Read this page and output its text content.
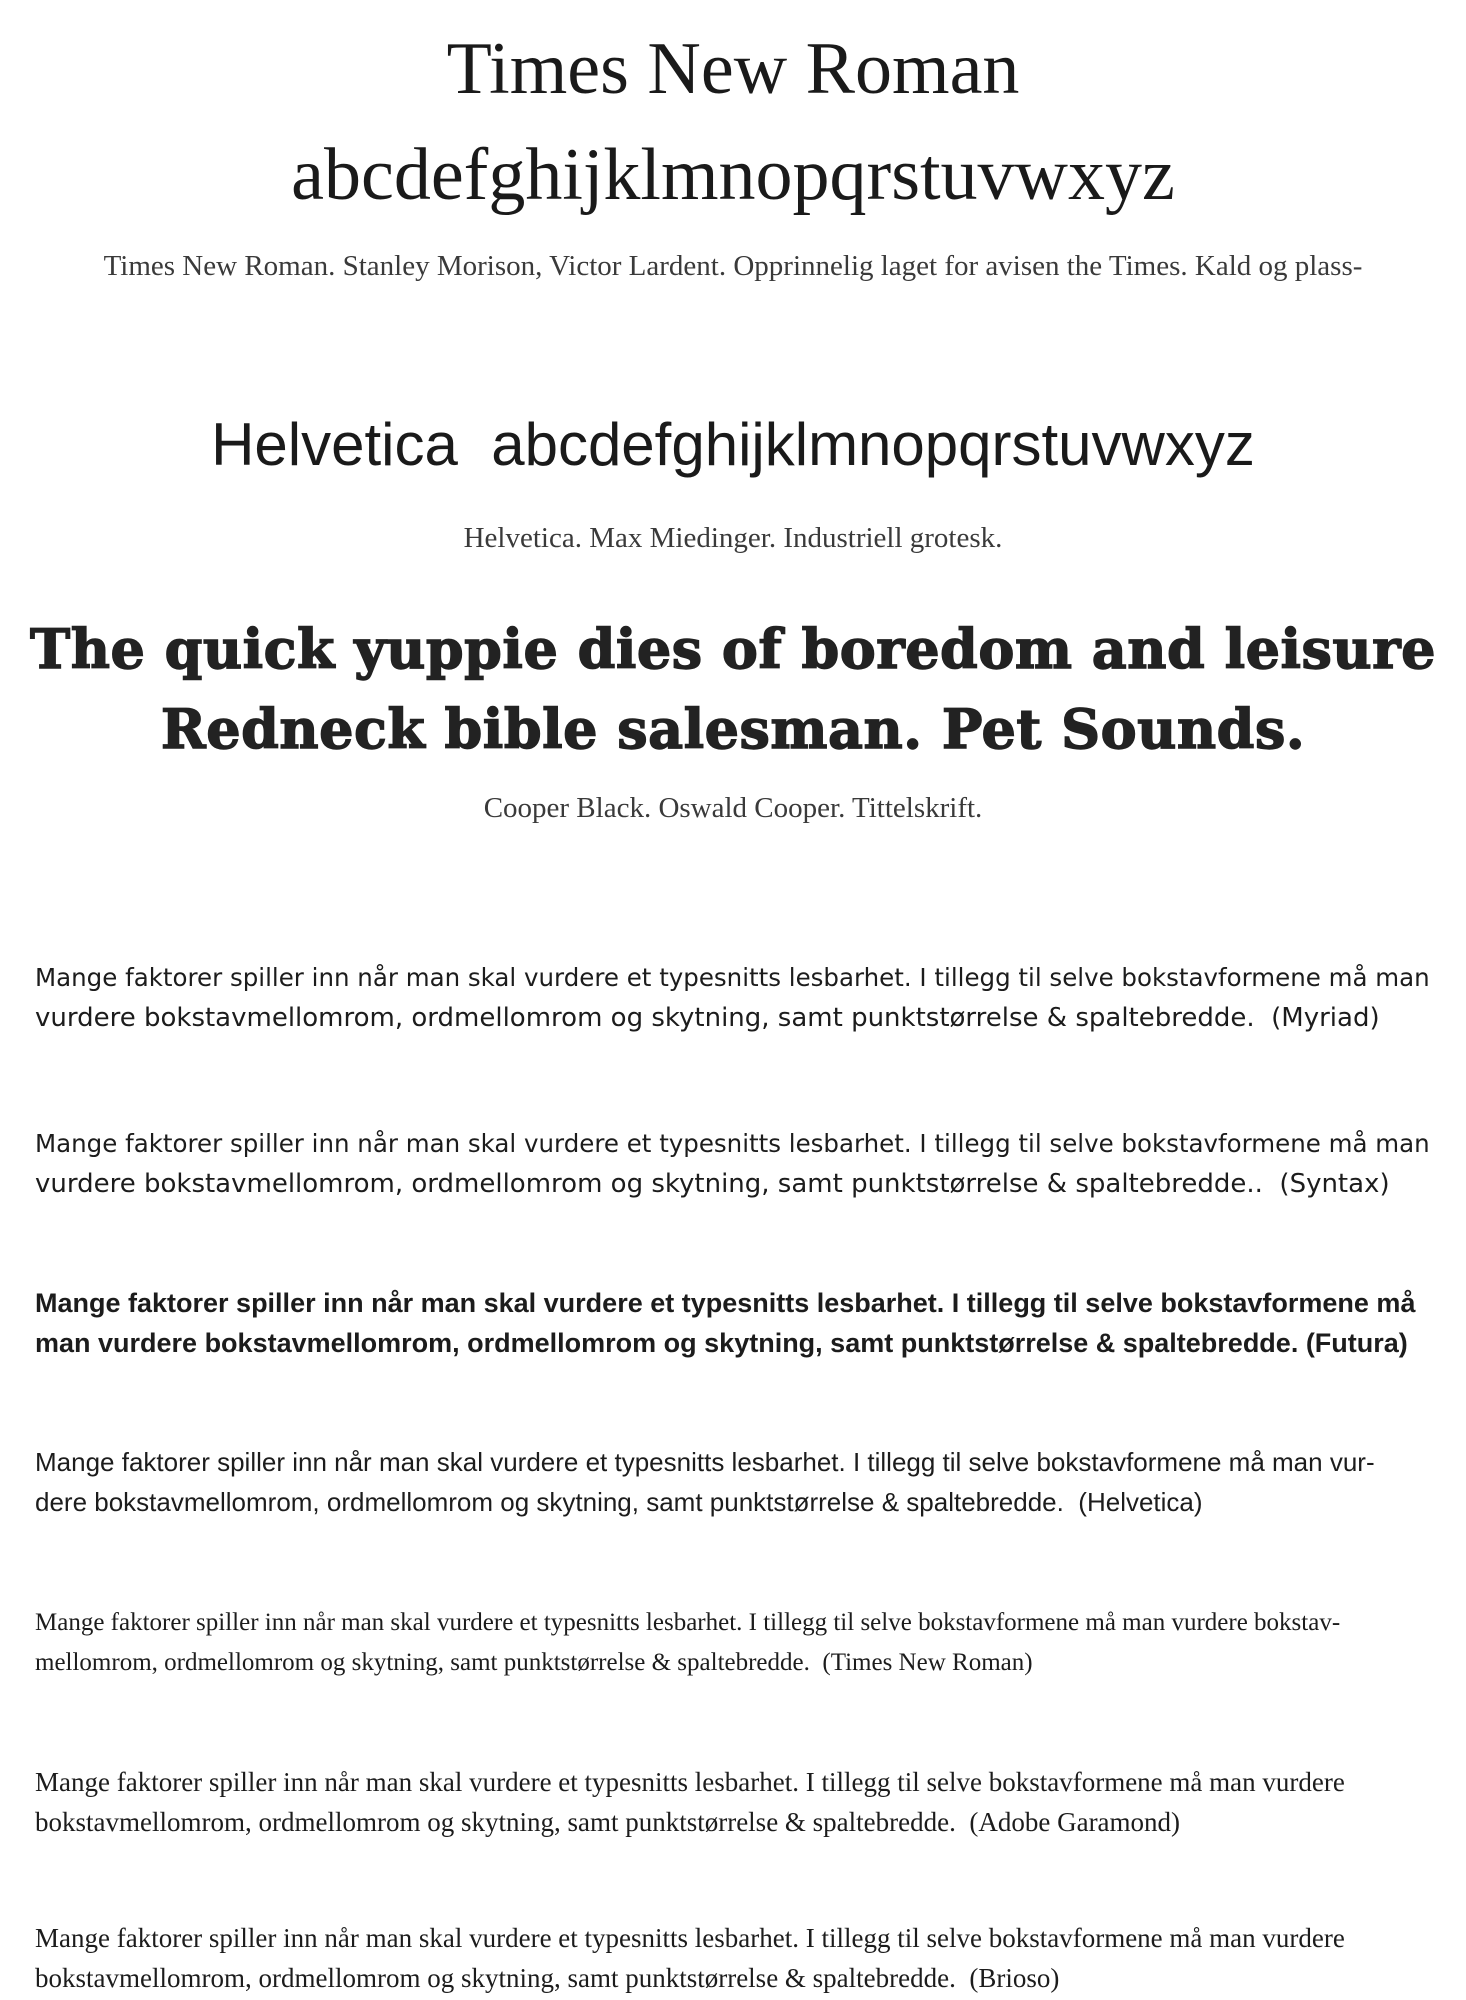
Times New Roman
abcdefghijklmnopqrstuvwxyz
Times New Roman. Stanley Morison, Victor Lardent. Opprinnelig laget for avisen the Times. Kald og plass-
Helvetica  abcdefghijklmnopqrstuvwxyz
Helvetica. Max Miedinger. Industriell grotesk.
The quick yuppie dies of boredom and leisure
Redneck bible salesman. Pet Sounds.
Cooper Black. Oswald Cooper. Tittelskrift.
Mange faktorer spiller inn når man skal vurdere et typesnitts lesbarhet. I tillegg til selve bokstavformene må man
vurdere bokstavmellomrom, ordmellomrom og skytning, samt punktstørrelse & spaltebredde.  (Myriad)
Mange faktorer spiller inn når man skal vurdere et typesnitts lesbarhet. I tillegg til selve bokstavformene må man
vurdere bokstavmellomrom, ordmellomrom og skytning, samt punktstørrelse & spaltebredde..  (Syntax)
Mange faktorer spiller inn når man skal vurdere et typesnitts lesbarhet. I tillegg til selve bokstavformene må
man vurdere bokstavmellomrom, ordmellomrom og skytning, samt punktstørrelse & spaltebredde. (Futura)
Mange faktorer spiller inn når man skal vurdere et typesnitts lesbarhet. I tillegg til selve bokstavformene må man vur-
dere bokstavmellomrom, ordmellomrom og skytning, samt punktstørrelse & spaltebredde.  (Helvetica)
Mange faktorer spiller inn når man skal vurdere et typesnitts lesbarhet. I tillegg til selve bokstavformene må man vurdere bokstav-
mellomrom, ordmellomrom og skytning, samt punktstørrelse & spaltebredde.  (Times New Roman)
Mange faktorer spiller inn når man skal vurdere et typesnitts lesbarhet. I tillegg til selve bokstavformene må man vurdere
bokstavmellomrom, ordmellomrom og skytning, samt punktstørrelse & spaltebredde.  (Adobe Garamond)
Mange faktorer spiller inn når man skal vurdere et typesnitts lesbarhet. I tillegg til selve bokstavformene må man vurdere
bokstavmellomrom, ordmellomrom og skytning, samt punktstørrelse & spaltebredde.  (Brioso)
